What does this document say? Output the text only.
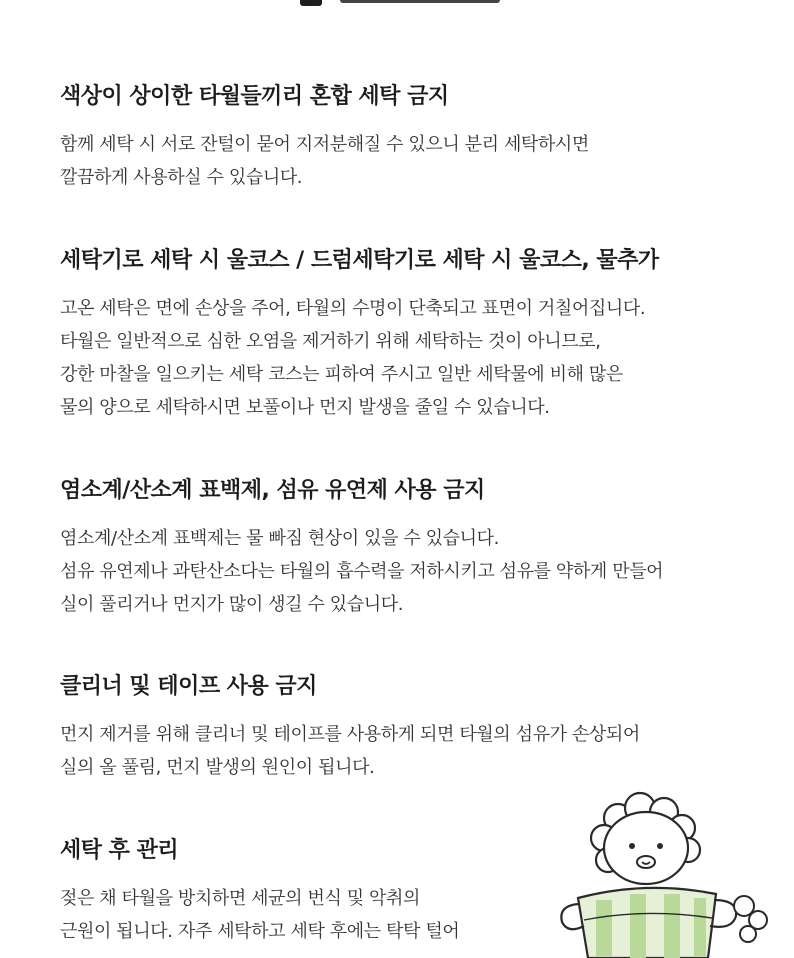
색상이 상이한 타월들끼리 혼합 세탁 금지

함께 세탁 시 서로 잔털이 묻어 지저분해질 수 있으니 분리 세탁하시면
깔끔하게 사용하실 수 있습니다.

세탁기로 세탁 시 울코스 / 드럼세탁기로 세탁 시 울코스, 물추가

고온 세탁은 면에 손상을 주어, 타월의 수명이 단축되고 표면이 거칠어집니다.
타월은 일반적으로 심한 오염을 제거하기 위해 세탁하는 것이 아니므로,
강한 마찰을 일으키는 세탁 코스는 피하여 주시고 일반 세탁물에 비해 많은
물의 양으로 세탁하시면 보풀이나 먼지 발생을 줄일 수 있습니다.

염소계/산소계 표백제, 섬유 유연제 사용 금지

염소계/산소계 표백제는 물 빠짐 현상이 있을 수 있습니다.
섬유 유연제나 과탄산소다는 타월의 흡수력을 저하시키고 섬유를 약하게 만들어
실이 풀리거나 먼지가 많이 생길 수 있습니다.

클리너 및 테이프 사용 금지

먼지 제거를 위해 클리너 및 테이프를 사용하게 되면 타월의 섬유가 손상되어
실의 올 풀림, 먼지 발생의 원인이 됩니다.

세탁 후 관리

젖은 채 타월을 방치하면 세균의 번식 및 악취의
근원이 됩니다. 자주 세탁하고 세탁 후에는 탁탁 털어
